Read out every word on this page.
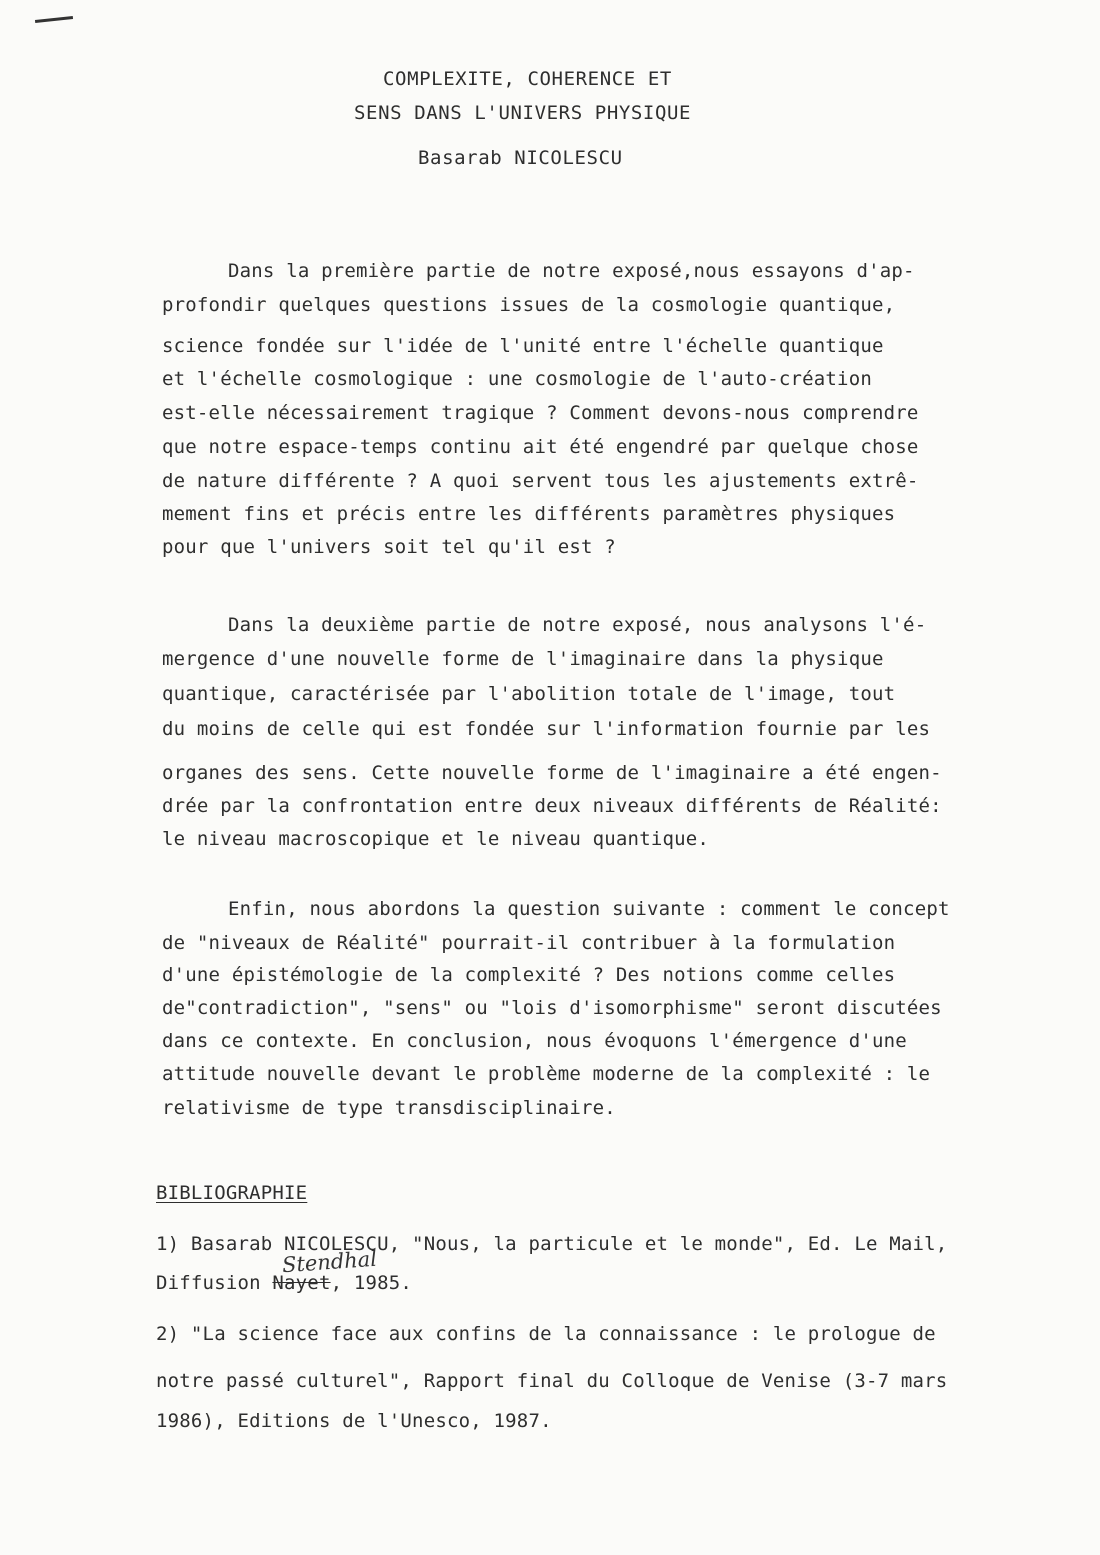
COMPLEXITE, COHERENCE ET
SENS DANS L'UNIVERS PHYSIQUE
Basarab NICOLESCU
Dans la première partie de notre exposé,nous essayons d'ap-
profondir quelques questions issues de la cosmologie quantique,
science fondée sur l'idée de l'unité entre l'échelle quantique
et l'échelle cosmologique : une cosmologie de l'auto-création
est-elle nécessairement tragique ? Comment devons-nous comprendre
que notre espace-temps continu ait été engendré par quelque chose
de nature différente ? A quoi servent tous les ajustements extrê-
mement fins et précis entre les différents paramètres physiques
pour que l'univers soit tel qu'il est ?
Dans la deuxième partie de notre exposé, nous analysons l'é-
mergence d'une nouvelle forme de l'imaginaire dans la physique
quantique, caractérisée par l'abolition totale de l'image, tout
du moins de celle qui est fondée sur l'information fournie par les
organes des sens. Cette nouvelle forme de l'imaginaire a été engen-
drée par la confrontation entre deux niveaux différents de Réalité:
le niveau macroscopique et le niveau quantique.
Enfin, nous abordons la question suivante : comment le concept
de "niveaux de Réalité" pourrait-il contribuer à la formulation
d'une épistémologie de la complexité ? Des notions comme celles
de"contradiction", "sens" ou "lois d'isomorphisme" seront discutées
dans ce contexte. En conclusion, nous évoquons l'émergence d'une
attitude nouvelle devant le problème moderne de la complexité : le
relativisme de type transdisciplinaire.
BIBLIOGRAPHIE
1) Basarab NICOLESCU, "Nous, la particule et le monde", Ed. Le Mail,
Stendhal
Diffusion Nayet, 1985.
2) "La science face aux confins de la connaissance : le prologue de
notre passé culturel", Rapport final du Colloque de Venise (3-7 mars
1986), Editions de l'Unesco, 1987.
